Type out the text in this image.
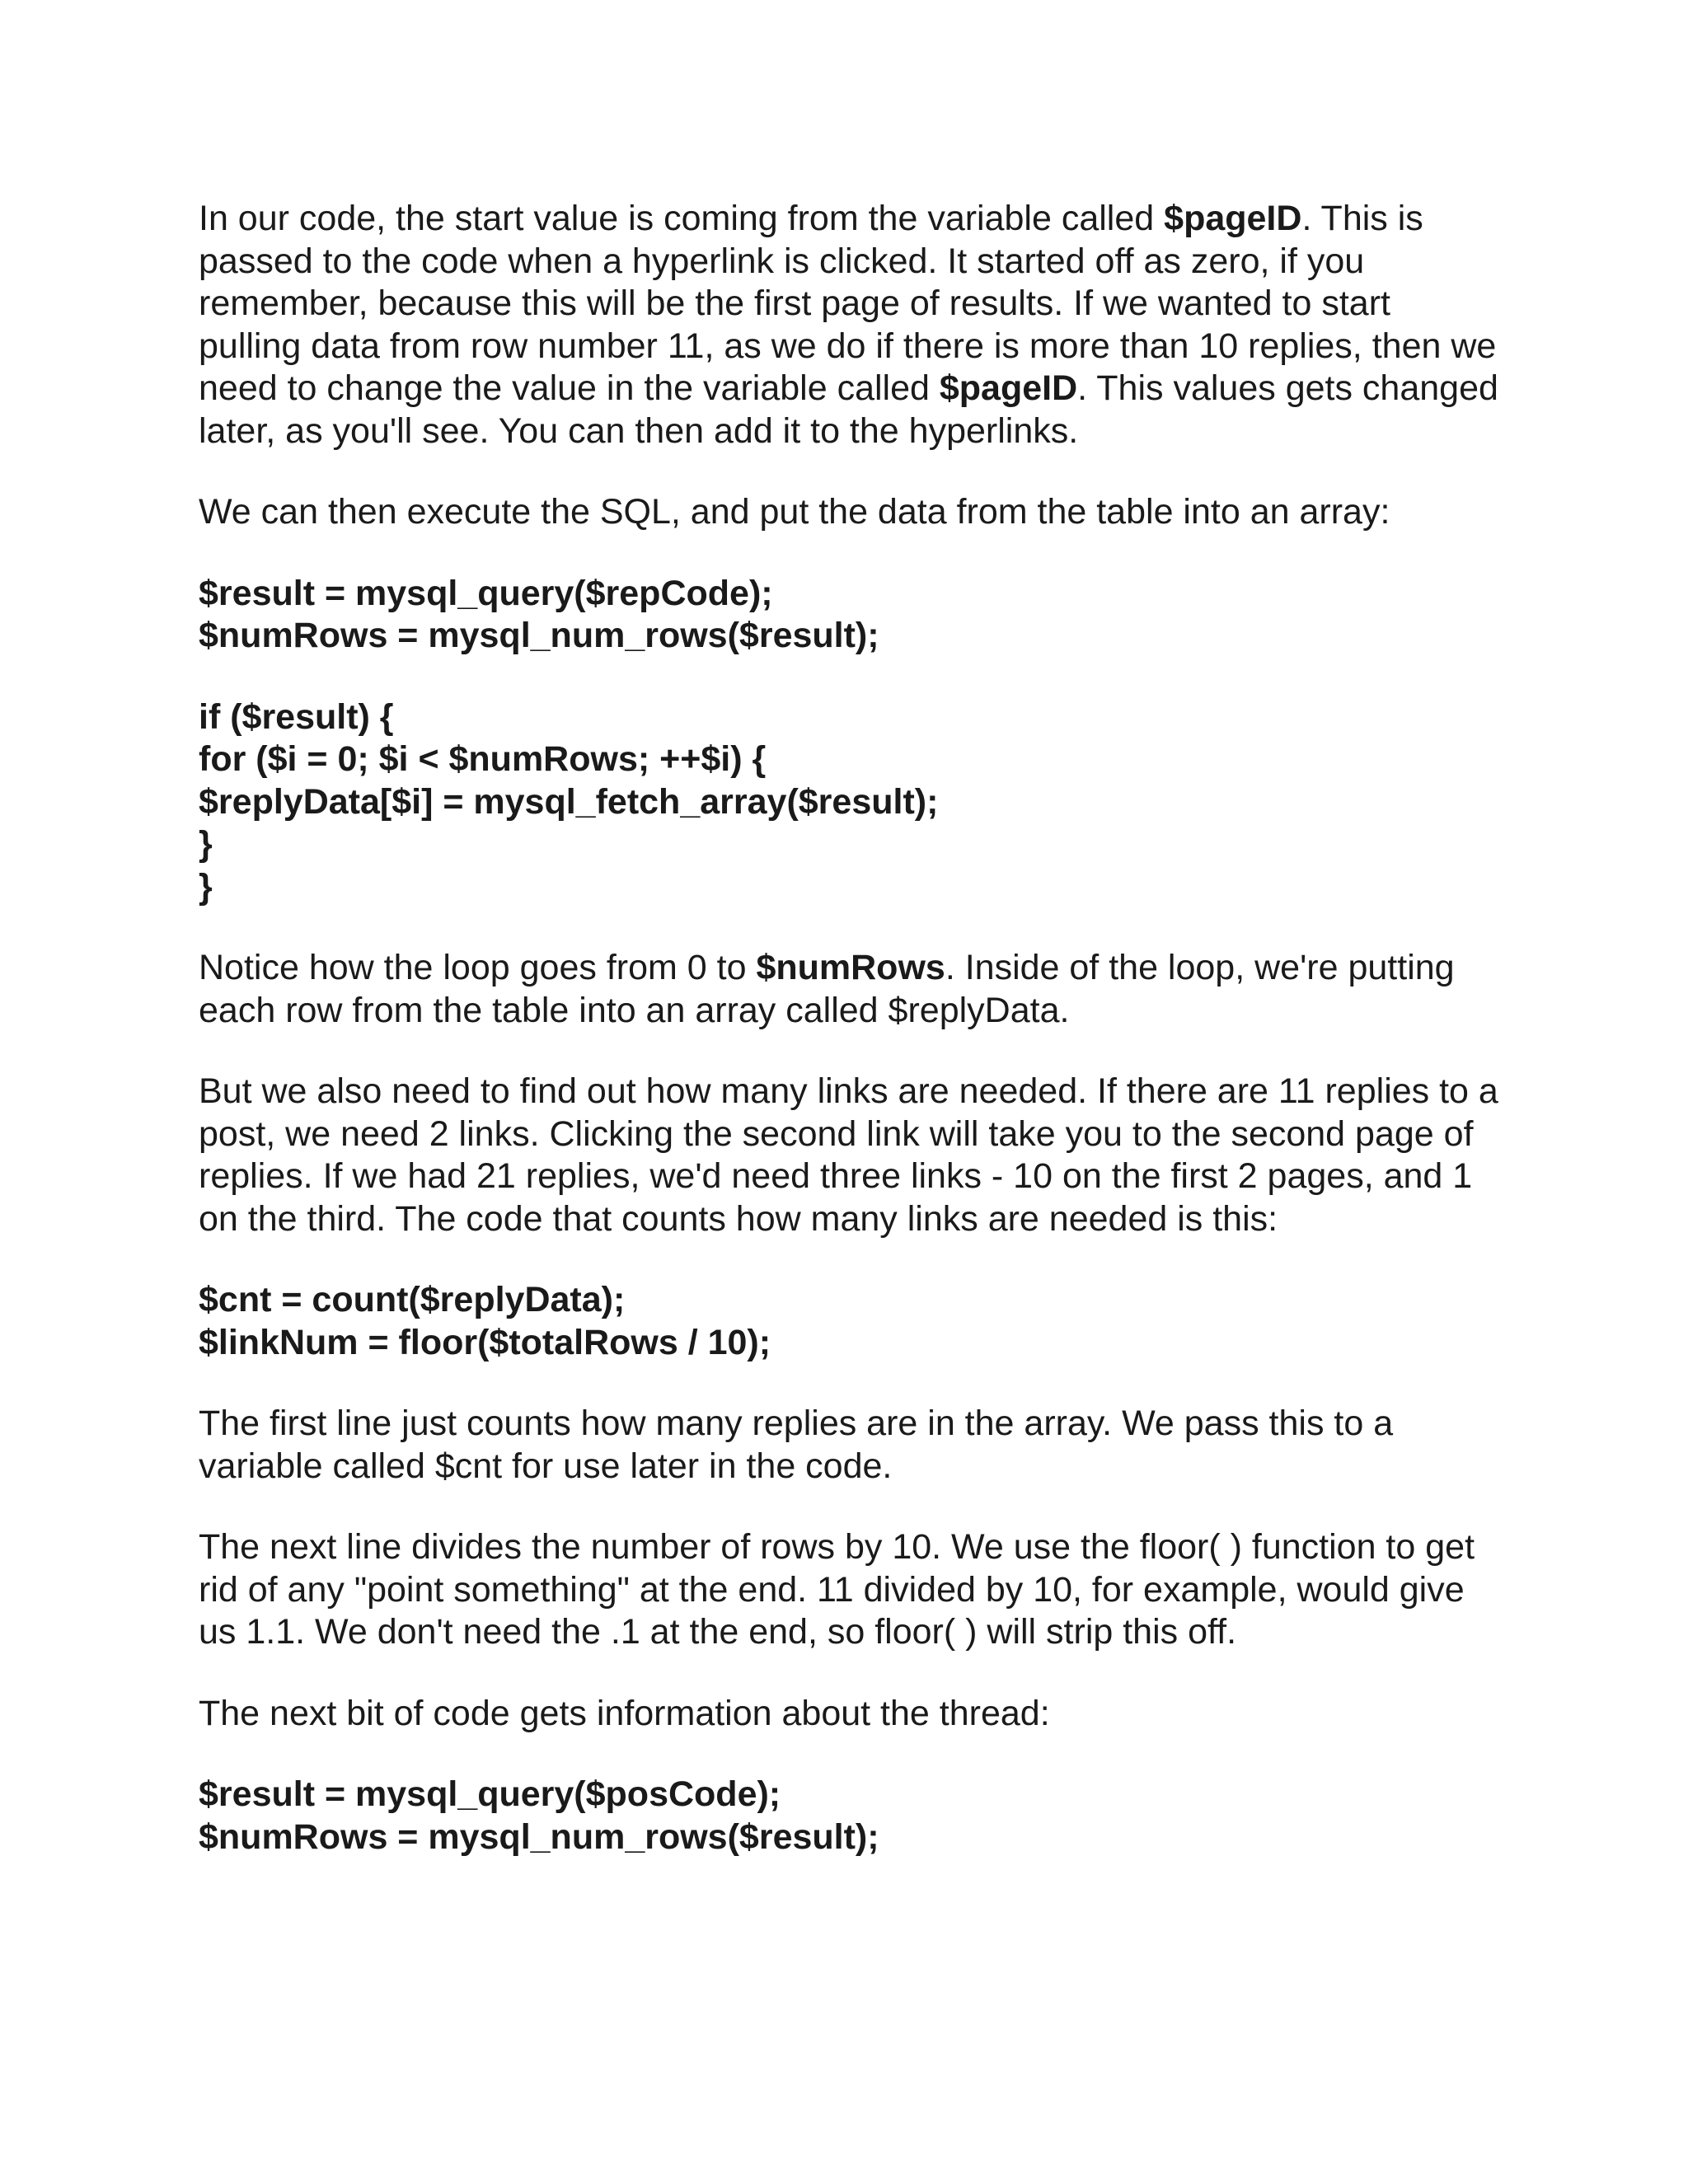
In our code, the start value is coming from the variable called $pageID. This is passed to the code when a hyperlink is clicked. It started off as zero, if you remember, because this will be the first page of results. If we wanted to start pulling data from row number 11, as we do if there is more than 10 replies, then we need to change the value in the variable called $pageID. This values gets changed later, as you'll see. You can then add it to the hyperlinks.

We can then execute the SQL, and put the data from the table into an array:

$result = mysql_query($repCode);
$numRows = mysql_num_rows($result);
if ($result) {
for ($i = 0; $i < $numRows; ++$i) {
$replyData[$i] = mysql_fetch_array($result);
}
}

Notice how the loop goes from 0 to $numRows. Inside of the loop, we're putting each row from the table into an array called $replyData.

But we also need to find out how many links are needed. If there are 11 replies to a post, we need 2 links. Clicking the second link will take you to the second page of replies. If we had 21 replies, we'd need three links - 10 on the first 2 pages, and 1 on the third. The code that counts how many links are needed is this:

$cnt = count($replyData);
$linkNum = floor($totalRows / 10);

The first line just counts how many replies are in the array. We pass this to a variable called $cnt for use later in the code.

The next line divides the number of rows by 10. We use the floor( ) function to get rid of any "point something" at the end. 11 divided by 10, for example, would give us 1.1. We don't need the .1 at the end, so floor( ) will strip this off.

The next bit of code gets information about the thread:

$result = mysql_query($posCode);
$numRows = mysql_num_rows($result);
